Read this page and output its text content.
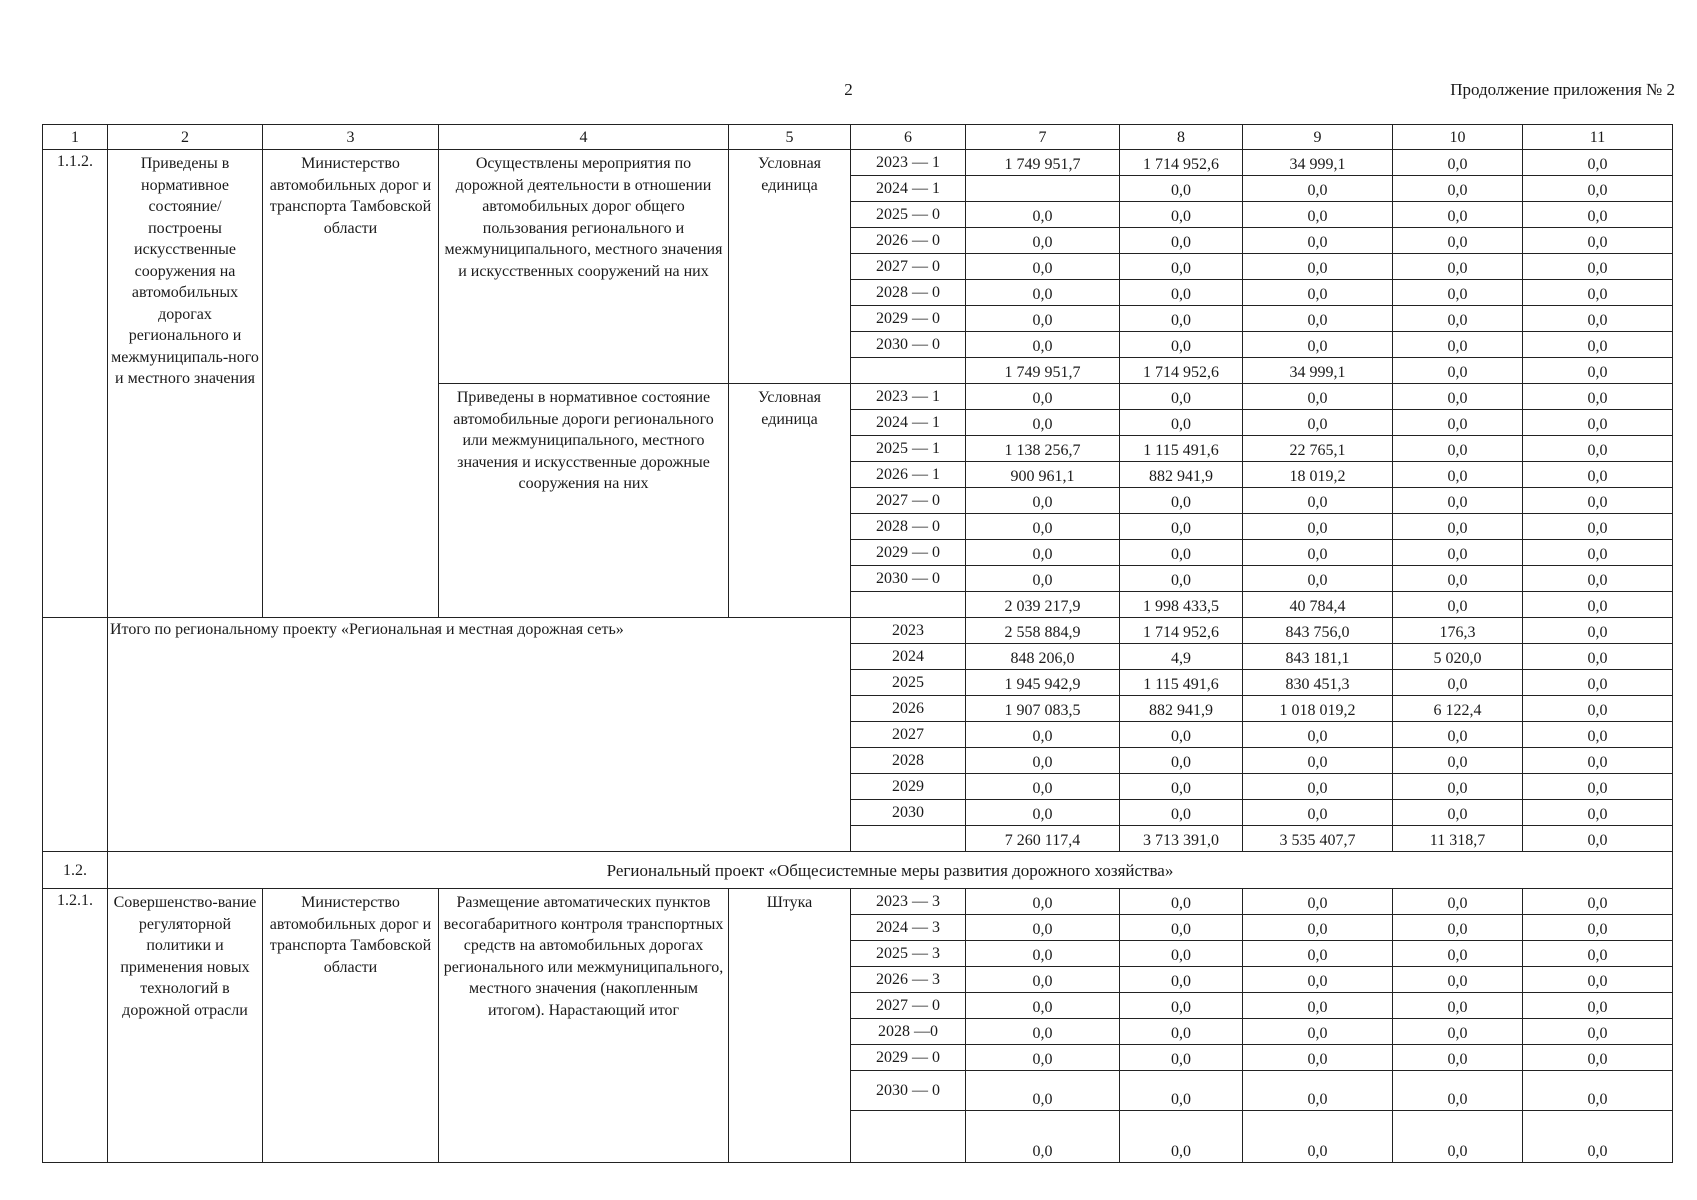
2	Продолжение приложения № 2
1	2	3	4	5	6	7	8	9	10	11
1.1.2.	Приведены в нормативное состояние/ построены искусственные сооружения на автомобильных дорогах регионального и межмуниципаль-ного и местного значения	Министерство автомобильных дорог и транспорта Тамбовской области	Осуществлены мероприятия по дорожной деятельности в отношении автомобильных дорог общего пользования регионального и межмуниципального, местного значения и искусственных сооружений на них	Условная единица	2023 — 1	1 749 951,7	1 714 952,6	34 999,1	0,0	0,0
					2024 — 1		0,0	0,0	0,0	0,0
					2025 — 0	0,0	0,0	0,0	0,0	0,0
					2026 — 0	0,0	0,0	0,0	0,0	0,0
					2027 — 0	0,0	0,0	0,0	0,0	0,0
					2028 — 0	0,0	0,0	0,0	0,0	0,0
					2029 — 0	0,0	0,0	0,0	0,0	0,0
					2030 — 0	0,0	0,0	0,0	0,0	0,0
						1 749 951,7	1 714 952,6	34 999,1	0,0	0,0
			Приведены в нормативное состояние автомобильные дороги регионального или межмуниципального, местного значения и искусственные дорожные сооружения на них	Условная единица	2023 — 1	0,0	0,0	0,0	0,0	0,0
					2024 — 1	0,0	0,0	0,0	0,0	0,0
					2025 — 1	1 138 256,7	1 115 491,6	22 765,1	0,0	0,0
					2026 — 1	900 961,1	882 941,9	18 019,2	0,0	0,0
					2027 — 0	0,0	0,0	0,0	0,0	0,0
					2028 — 0	0,0	0,0	0,0	0,0	0,0
					2029 — 0	0,0	0,0	0,0	0,0	0,0
					2030 — 0	0,0	0,0	0,0	0,0	0,0
						2 039 217,9	1 998 433,5	40 784,4	0,0	0,0
	Итого по региональному проекту «Региональная и местная дорожная сеть»				2023	2 558 884,9	1 714 952,6	843 756,0	176,3	0,0
					2024	848 206,0	4,9	843 181,1	5 020,0	0,0
					2025	1 945 942,9	1 115 491,6	830 451,3	0,0	0,0
					2026	1 907 083,5	882 941,9	1 018 019,2	6 122,4	0,0
					2027	0,0	0,0	0,0	0,0	0,0
					2028	0,0	0,0	0,0	0,0	0,0
					2029	0,0	0,0	0,0	0,0	0,0
					2030	0,0	0,0	0,0	0,0	0,0
						7 260 117,4	3 713 391,0	3 535 407,7	11 318,7	0,0
1.2.	Региональный проект «Общесистемные меры развития дорожного хозяйства»									
1.2.1.	Совершенство-вание регуляторной политики и применения новых технологий в дорожной отрасли	Министерство автомобильных дорог и транспорта Тамбовской области	Размещение автоматических пунктов весогабаритного контроля транспортных средств на автомобильных дорогах регионального или межмуниципального, местного значения (накопленным итогом). Нарастающий итог	Штука	2023 — 3	0,0	0,0	0,0	0,0	0,0
					2024 — 3	0,0	0,0	0,0	0,0	0,0
					2025 — 3	0,0	0,0	0,0	0,0	0,0
					2026 — 3	0,0	0,0	0,0	0,0	0,0
					2027 — 0	0,0	0,0	0,0	0,0	0,0
					2028 —0	0,0	0,0	0,0	0,0	0,0
					2029 — 0	0,0	0,0	0,0	0,0	0,0
					2030 — 0	0,0	0,0	0,0	0,0	0,0
						0,0	0,0	0,0	0,0	0,0
